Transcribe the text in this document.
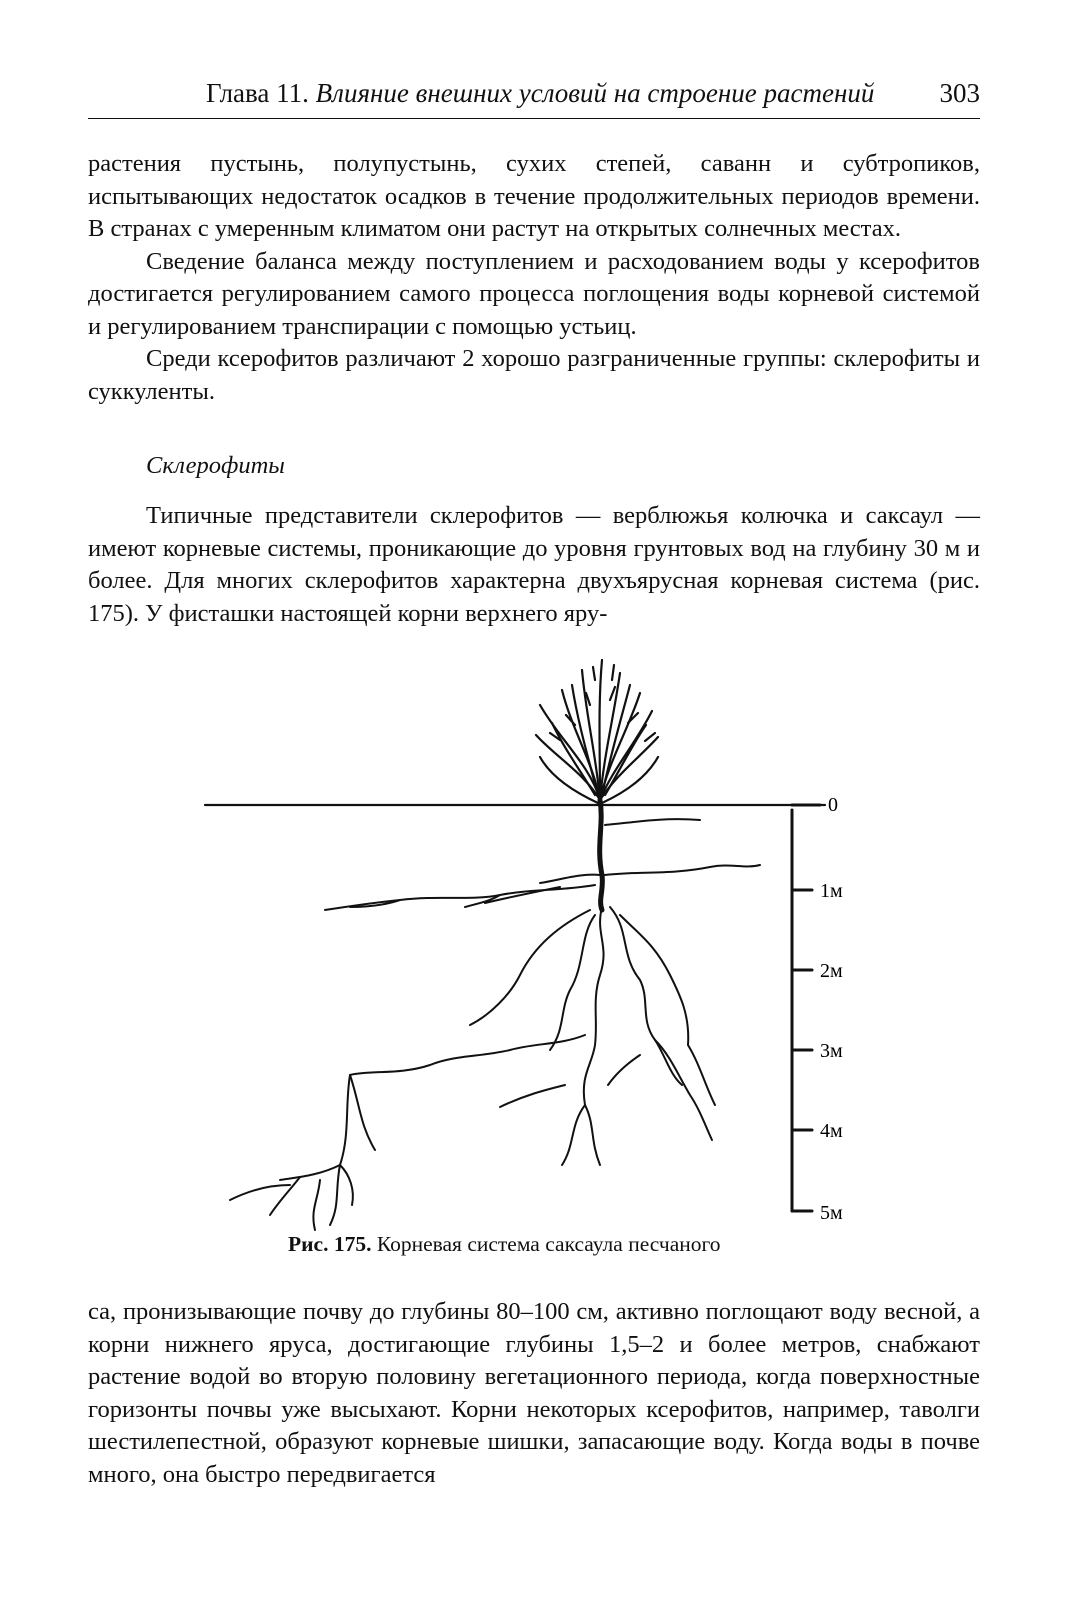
Глава 11. Влияние внешних условий на строение растений 303

растения пустынь, полупустынь, сухих степей, саванн и субтропиков, испытывающих недостаток осадков в течение продолжительных периодов времени. В странах с умеренным климатом они растут на открытых солнечных местах.

Сведение баланса между поступлением и расходованием воды у ксерофитов достигается регулированием самого процесса поглощения воды корневой системой и регулированием транспирации с помощью устьиц.

Среди ксерофитов различают 2 хорошо разграниченные группы: склерофиты и суккуленты.

Склерофиты

Типичные представители склерофитов — верблюжья колючка и саксаул — имеют корневые системы, проникающие до уровня грунтовых вод на глубину 30 м и более. Для многих склерофитов характерна двухъярусная корневая система (рис. 175). У фисташки настоящей корни верхнего яру-

0
1м
2м
3м
4м
5м
Рис. 175. Корневая система саксаула песчаного

са, пронизывающие почву до глубины 80–100 см, активно поглощают воду весной, а корни нижнего яруса, достигающие глубины 1,5–2 и более метров, снабжают растение водой во вторую половину вегетационного периода, когда поверхностные горизонты почвы уже высыхают. Корни некоторых ксерофитов, например, таволги шестилепестной, образуют корневые шишки, запасающие воду. Когда воды в почве много, она быстро передвигается
